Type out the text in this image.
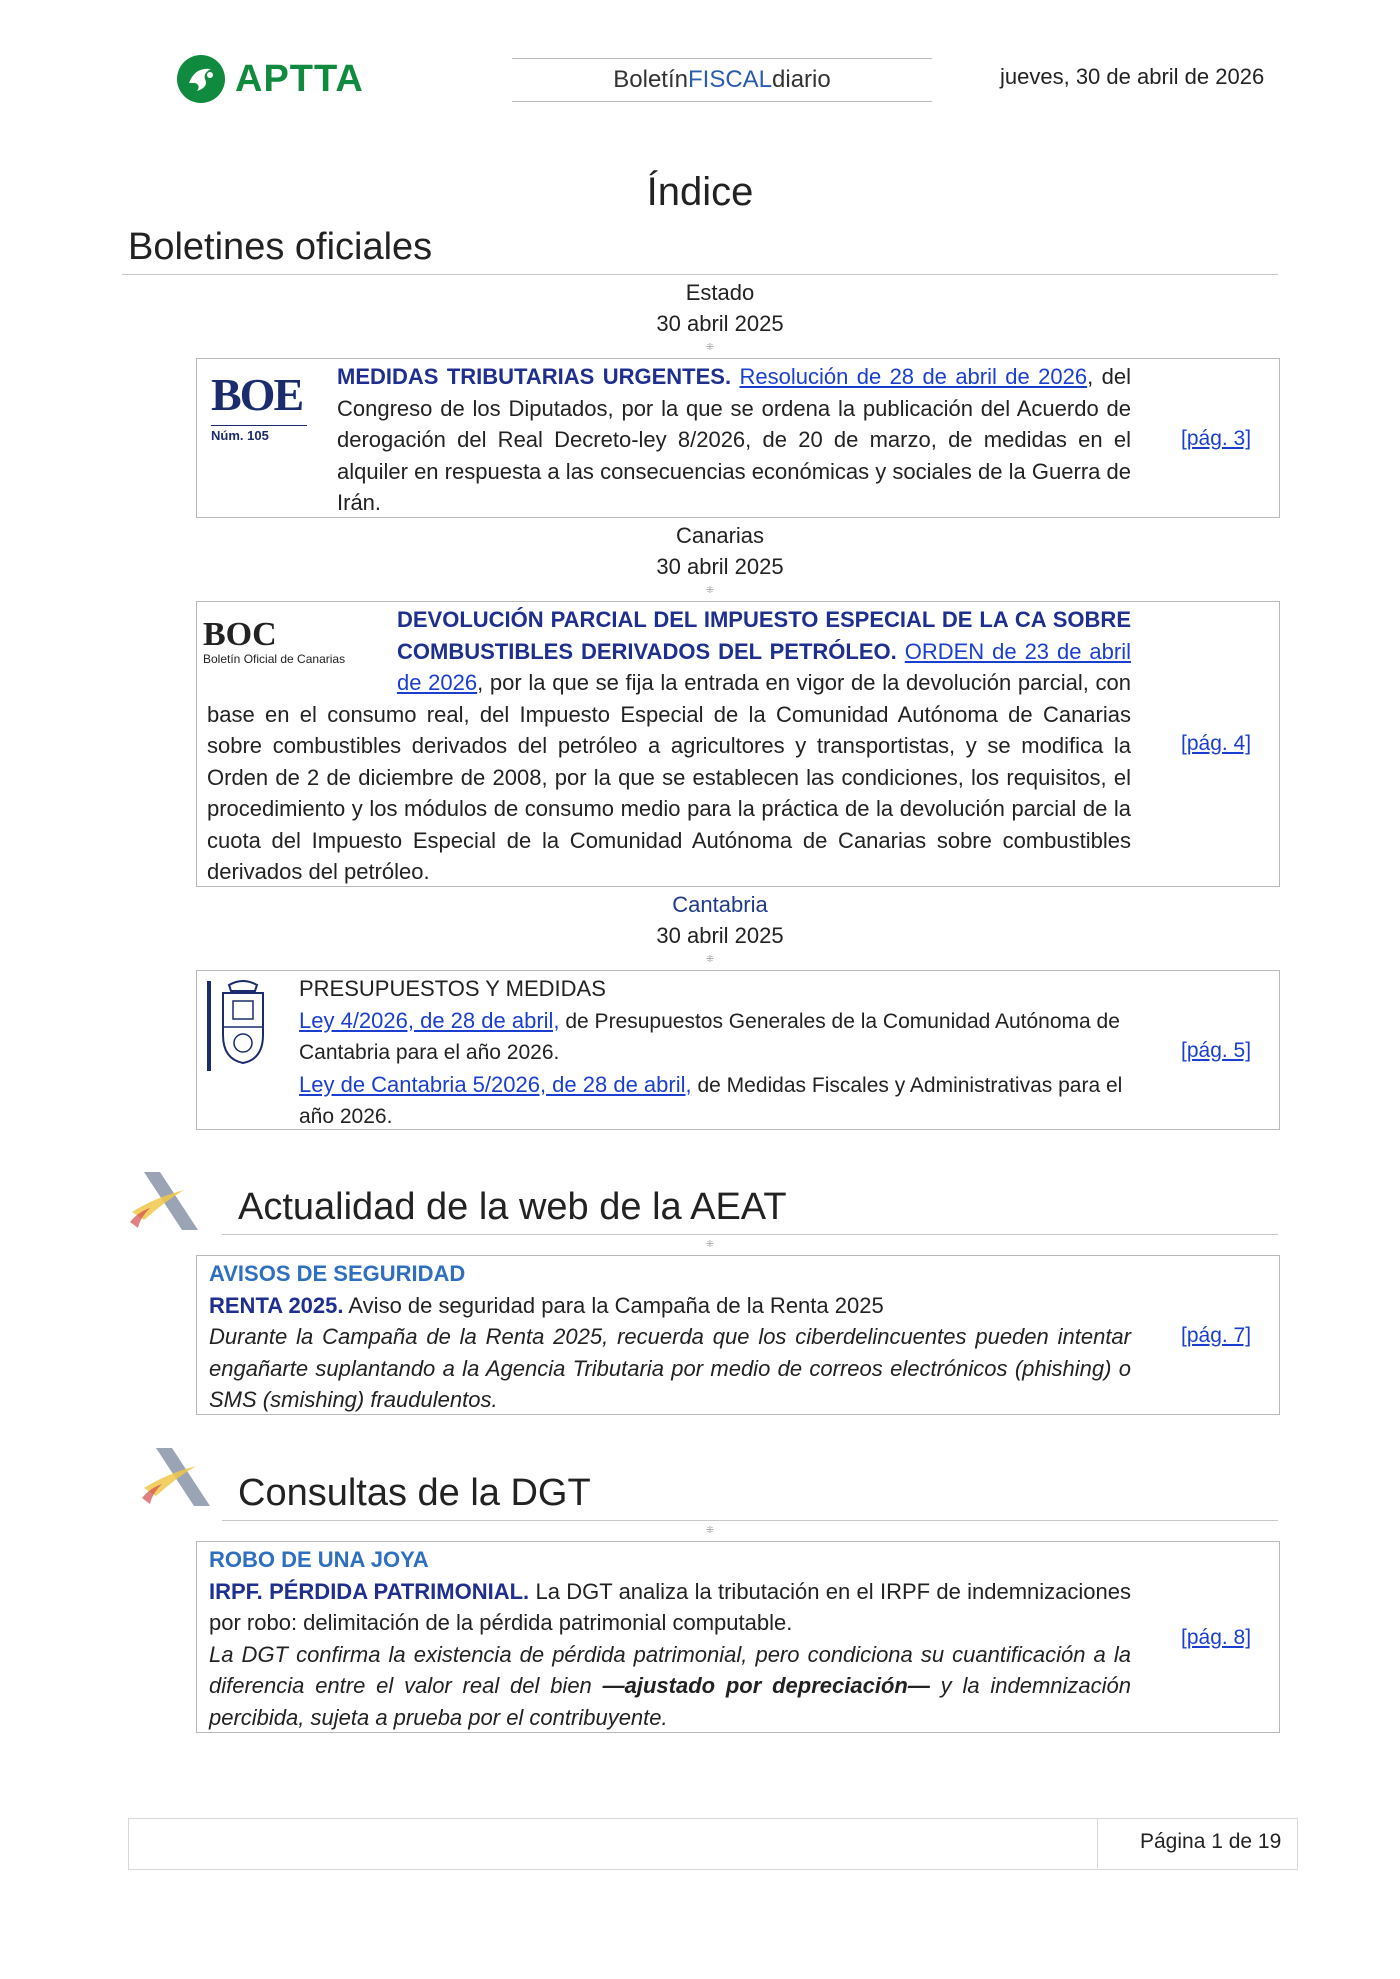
APTTA	Boletín FISCAL diario	jueves, 30 de abril de 2026
Índice
Boletines oficiales
Estado
30 abril 2025
⁜
BOE
Núm. 105
MEDIDAS TRIBUTARIAS URGENTES. Resolución de 28 de abril de 2026, del Congreso de los Diputados, por la que se ordena la publicación del Acuerdo de derogación del Real Decreto-ley 8/2026, de 20 de marzo, de medidas en el alquiler en respuesta a las consecuencias económicas y sociales de la Guerra de Irán.
[pág. 3]
Canarias
30 abril 2025
⁜
BOC
Boletín Oficial de Canarias
DEVOLUCIÓN PARCIAL DEL IMPUESTO ESPECIAL DE LA CA SOBRE COMBUSTIBLES DERIVADOS DEL PETRÓLEO. ORDEN de 23 de abril de 2026, por la que se fija la entrada en vigor de la devolución parcial, con base en el consumo real, del Impuesto Especial de la Comunidad Autónoma de Canarias sobre combustibles derivados del petróleo a agricultores y transportistas, y se modifica la Orden de 2 de diciembre de 2008, por la que se establecen las condiciones, los requisitos, el procedimiento y los módulos de consumo medio para la práctica de la devolución parcial de la cuota del Impuesto Especial de la Comunidad Autónoma de Canarias sobre combustibles derivados del petróleo.
[pág. 4]
Cantabria
30 abril 2025
⁜
PRESUPUESTOS Y MEDIDAS
Ley 4/2026, de 28 de abril, de Presupuestos Generales de la Comunidad Autónoma de Cantabria para el año 2026.
Ley de Cantabria 5/2026, de 28 de abril, de Medidas Fiscales y Administrativas para el año 2026.
[pág. 5]
Actualidad de la web de la AEAT
⁜
AVISOS DE SEGURIDAD
RENTA 2025. Aviso de seguridad para la Campaña de la Renta 2025
Durante la Campaña de la Renta 2025, recuerda que los ciberdelincuentes pueden intentar engañarte suplantando a la Agencia Tributaria por medio de correos electrónicos (phishing) o SMS (smishing) fraudulentos.
[pág. 7]
Consultas de la DGT
⁜
ROBO DE UNA JOYA
IRPF. PÉRDIDA PATRIMONIAL. La DGT analiza la tributación en el IRPF de indemnizaciones por robo: delimitación de la pérdida patrimonial computable.
La DGT confirma la existencia de pérdida patrimonial, pero condiciona su cuantificación a la diferencia entre el valor real del bien —ajustado por depreciación— y la indemnización percibida, sujeta a prueba por el contribuyente.
[pág. 8]
Página 1 de 19
